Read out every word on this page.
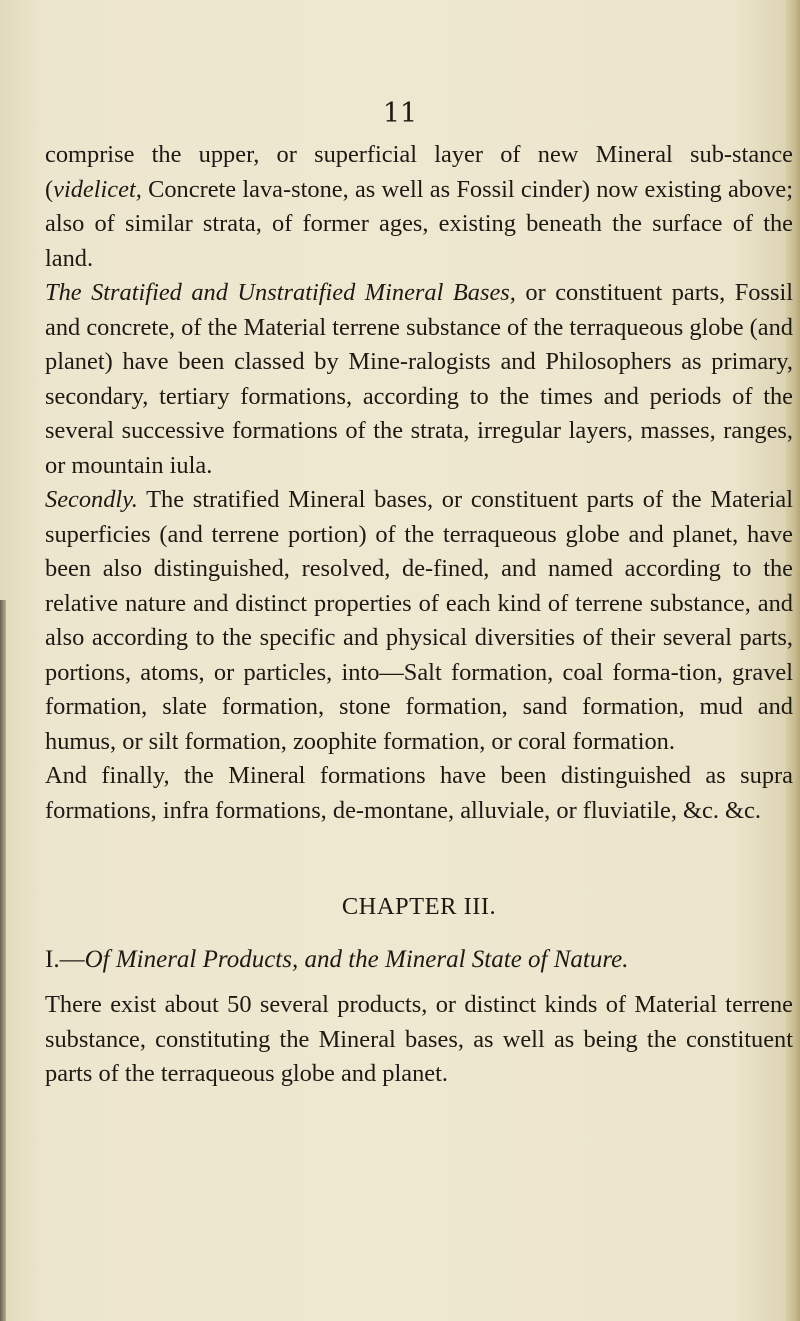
11

comprise the upper, or superficial layer of new Mineral sub-stance (videlicet, Concrete lava-stone, as well as Fossil cinder) now existing above; also of similar strata, of former ages, existing beneath the surface of the land.

The Stratified and Unstratified Mineral Bases, or constituent parts, Fossil and concrete, of the Material terrene substance of the terraqueous globe (and planet) have been classed by Mine-ralogists and Philosophers as primary, secondary, tertiary formations, according to the times and periods of the several successive formations of the strata, irregular layers, masses, ranges, or mountain iula.

Secondly. The stratified Mineral bases, or constituent parts of the Material superficies (and terrene portion) of the terraqueous globe and planet, have been also distinguished, resolved, de-fined, and named according to the relative nature and distinct properties of each kind of terrene substance, and also according to the specific and physical diversities of their several parts, portions, atoms, or particles, into—Salt formation, coal forma-tion, gravel formation, slate formation, stone formation, sand formation, mud and humus, or silt formation, zoophite formation, or coral formation.

And finally, the Mineral formations have been distinguished as supra formations, infra formations, de-montane, alluviale, or fluviatile, &c. &c.

CHAPTER III.

I.—Of Mineral Products, and the Mineral State of Nature.

There exist about 50 several products, or distinct kinds of Material terrene substance, constituting the Mineral bases, as well as being the constituent parts of the terraqueous globe and planet.
